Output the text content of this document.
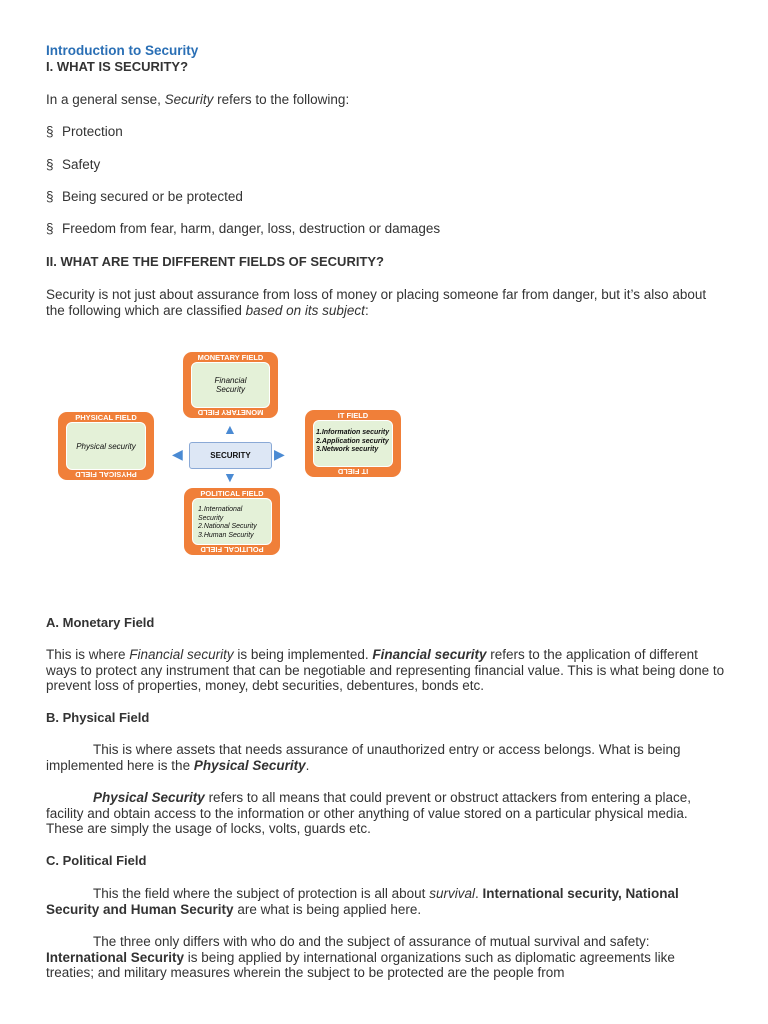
Introduction to Security
I. WHAT IS SECURITY?

In a general sense, Security refers to the following:

§ Protection
§ Safety
§ Being secured or be protected
§ Freedom from fear, harm, danger, loss, destruction or damages
II. WHAT ARE THE DIFFERENT FIELDS OF SECURITY?

Security is not just about assurance from loss of money or placing someone far from danger, but it’s also about the following which are classified based on its subject:

A. Monetary Field

This is where Financial security is being implemented. Financial security refers to the application of different ways to protect any instrument that can be negotiable and representing financial value. This is what being done to prevent loss of properties, money, debt securities, debentures, bonds etc.

B. Physical Field

This is where assets that needs assurance of unauthorized entry or access belongs. What is being implemented here is the Physical Security.

Physical Security refers to all means that could prevent or obstruct attackers from entering a place, facility and obtain access to the information or other anything of value stored on a particular physical media. These are simply the usage of locks, volts, guards etc.

C. Political Field

This the field where the subject of protection is all about survival. International security, National Security and Human Security are what is being applied here.

The three only differs with who do and the subject of assurance of mutual survival and safety: International Security is being applied by international organizations such as diplomatic agreements like treaties; and military measures wherein the subject to be protected are the people from

MONETARY FIELD
Financial Security
MONETARY FIELD
PHYSICAL FIELD
Physical security
PHYSICAL FIELD
IT FIELD
1.Information security
2.Application security
3.Network security
IT FIELD
POLITICAL FIELD
1.International Security
2.National Security
3.Human Security
POLITICAL FIELD
SECURITY
▲
▼
◀	▶
